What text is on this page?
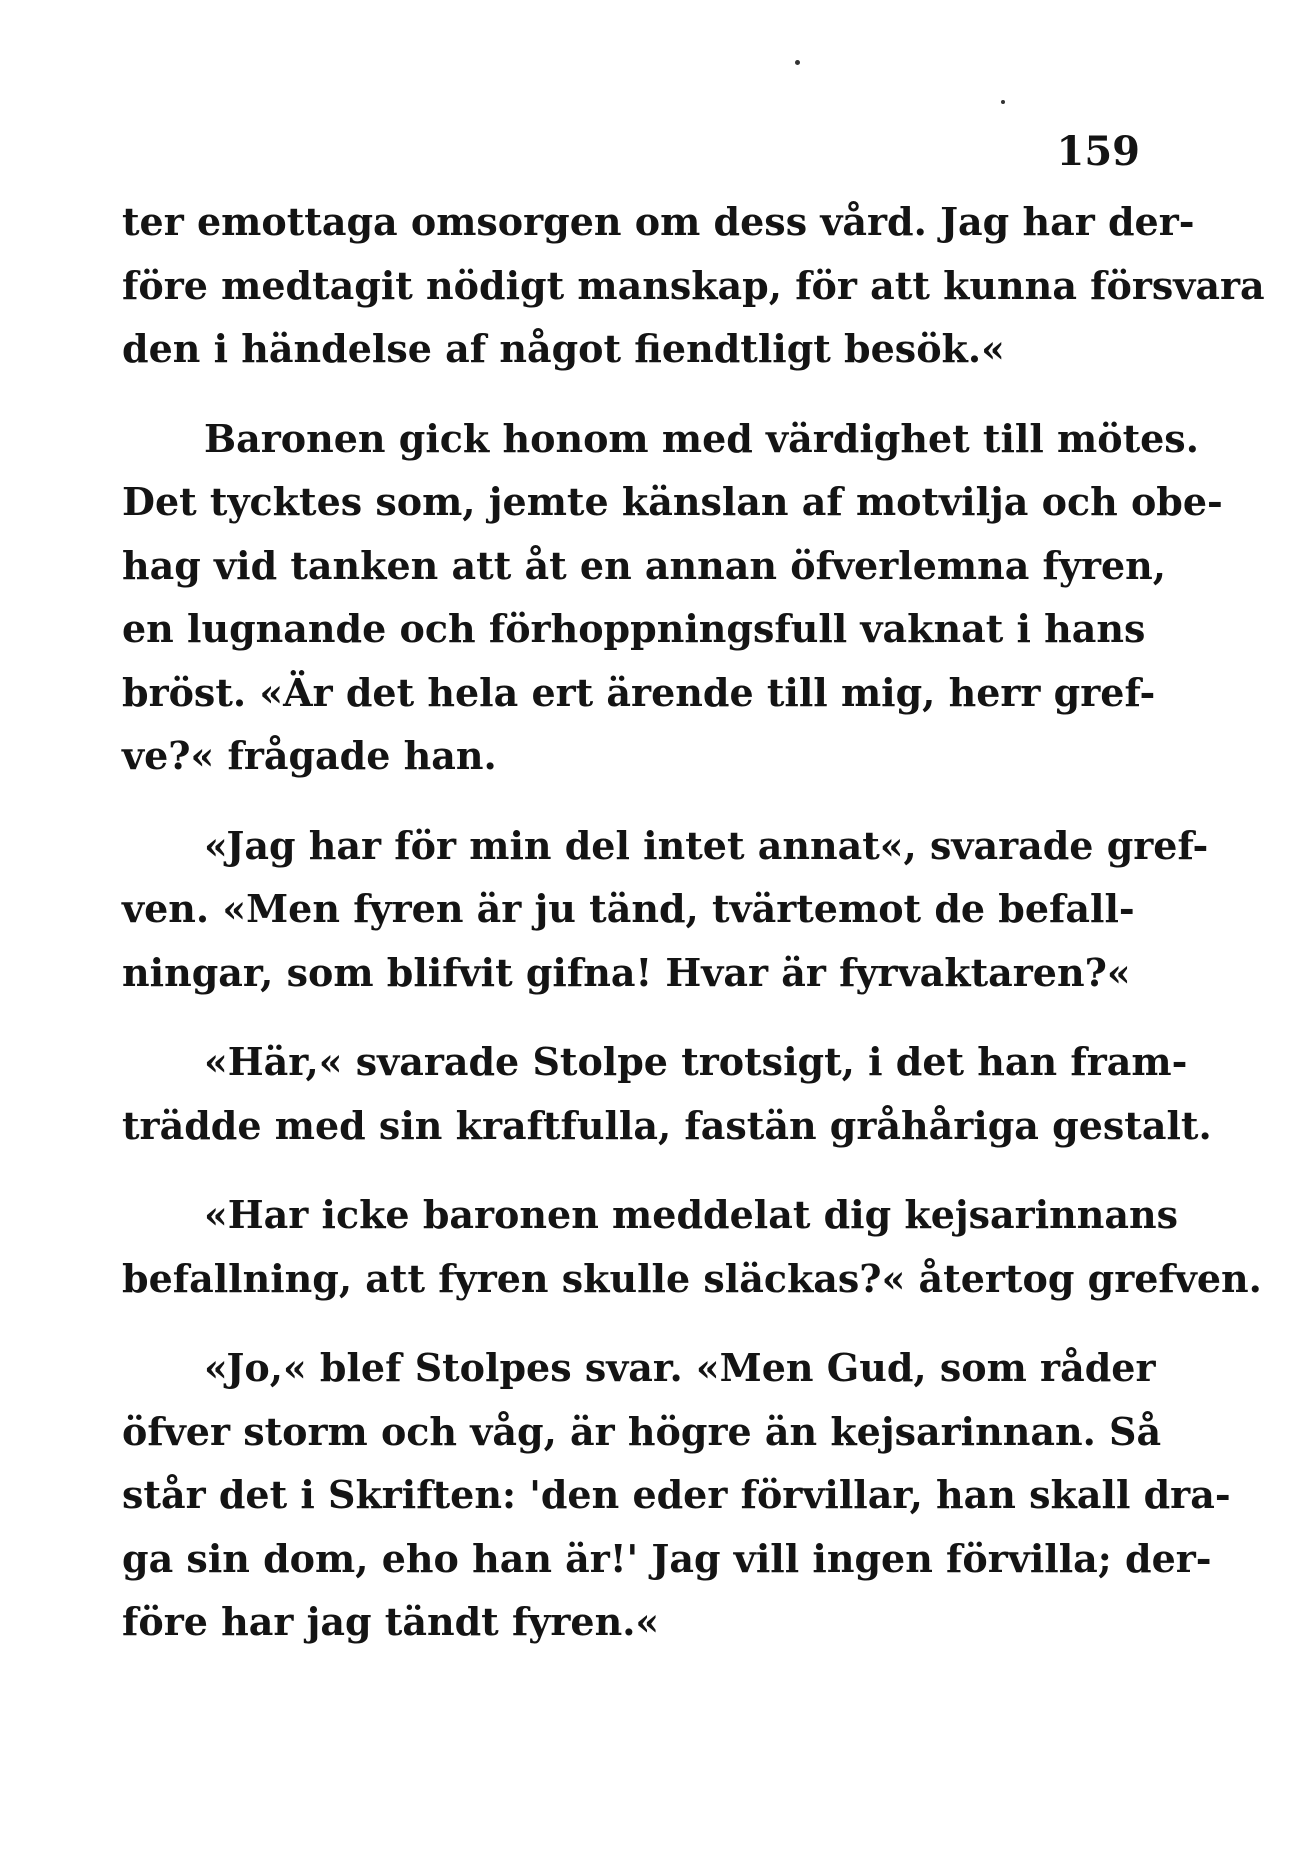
159

ter emottaga omsorgen om dess vård. Jag har der-
före medtagit nödigt manskap, för att kunna försvara
den i händelse af något fiendtligt besök.«

Baronen gick honom med värdighet till mötes.
Det tycktes som, jemte känslan af motvilja och obe-
hag vid tanken att åt en annan öfverlemna fyren,
en lugnande och förhoppningsfull vaknat i hans
bröst. «Är det hela ert ärende till mig, herr gref-
ve?« frågade han.

«Jag har för min del intet annat«, svarade gref-
ven. «Men fyren är ju tänd, tvärtemot de befall-
ningar, som blifvit gifna! Hvar är fyrvaktaren?«

«Här,« svarade Stolpe trotsigt, i det han fram-
trädde med sin kraftfulla, fastän gråhåriga gestalt.

«Har icke baronen meddelat dig kejsarinnans
befallning, att fyren skulle släckas?« återtog grefven.

«Jo,« blef Stolpes svar. «Men Gud, som råder
öfver storm och våg, är högre än kejsarinnan. Så
står det i Skriften: 'den eder förvillar, han skall dra-
ga sin dom, eho han är!' Jag vill ingen förvilla; der-
före har jag tändt fyren.«
